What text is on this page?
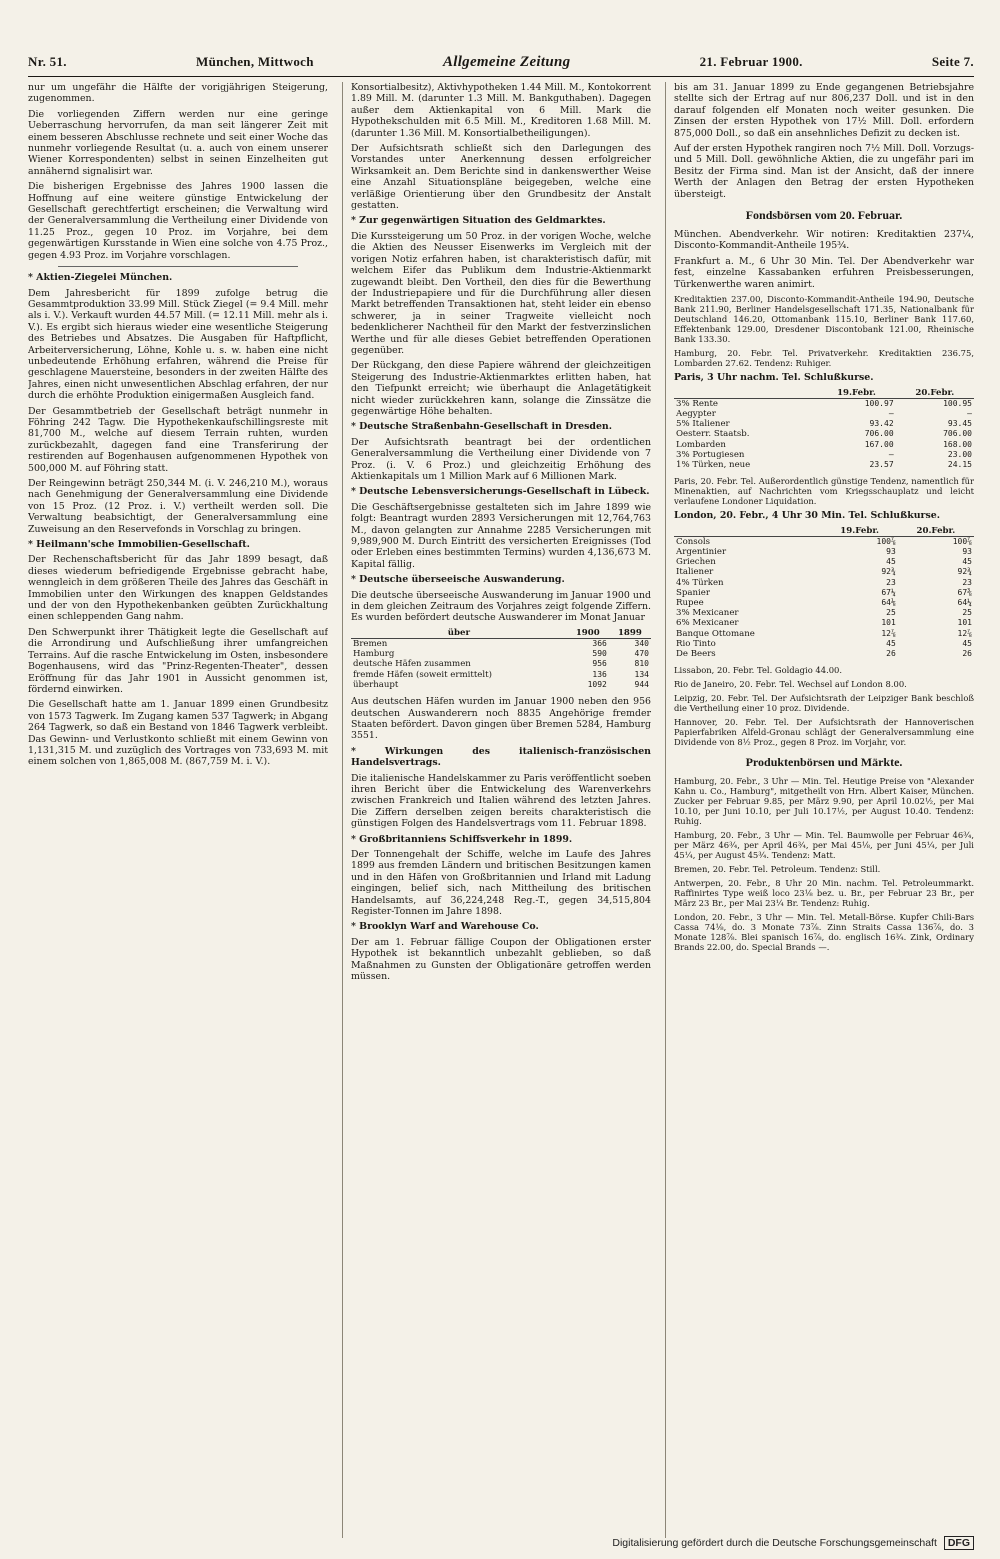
Nr. 51.	München, Mittwoch	Allgemeine Zeitung	21. Februar 1900.	Seite 7.

nur um ungefähr die Hälfte der vorigjährigen Steigerung, zugenommen.

Die vorliegenden Ziffern werden nur eine geringe Ueberraschung hervorrufen, da man seit längerer Zeit mit einem besseren Abschlusse rechnete und seit einer Woche das nunmehr vorliegende Resultat (u. a. auch von einem unserer Wiener Korrespondenten) selbst in seinen Einzelheiten gut annähernd signalisirt war.

Die bisherigen Ergebnisse des Jahres 1900 lassen die Hoffnung auf eine weitere günstige Entwickelung der Gesellschaft gerechtfertigt erscheinen; die Verwaltung wird der Generalversammlung die Vertheilung einer Dividende von 11.25 Proz., gegen 10 Proz. im Vorjahre, bei dem gegenwärtigen Kursstande in Wien eine solche von 4.75 Proz., gegen 4.93 Proz. im Vorjahre vorschlagen.

* Aktien-Ziegelei München.

Dem Jahresbericht für 1899 zufolge betrug die Gesammtproduktion 33.99 Mill. Stück Ziegel (= 9.4 Mill. mehr als i. V.). Verkauft wurden 44.57 Mill. (= 12.11 Mill. mehr als i. V.). Es ergibt sich hieraus wieder eine wesentliche Steigerung des Betriebes und Absatzes. Die Ausgaben für Haftpflicht, Arbeiterversicherung, Löhne, Kohle u. s. w. haben eine nicht unbedeutende Erhöhung erfahren, während die Preise für geschlagene Mauersteine, besonders in der zweiten Hälfte des Jahres, einen nicht unwesentlichen Abschlag erfahren, der nur durch die erhöhte Produktion einigermaßen Ausgleich fand.

Der Gesammtbetrieb der Gesellschaft beträgt nunmehr in Föhring 242 Tagw. Die Hypothekenkaufschillingsreste mit 81,700 M., welche auf diesem Terrain ruhten, wurden zurückbezahlt, dagegen fand eine Transferirung der restirenden auf Bogenhausen aufgenommenen Hypothek von 500,000 M. auf Föhring statt.

Der Reingewinn beträgt 250,344 M. (i. V. 246,210 M.), woraus nach Genehmigung der Generalversammlung eine Dividende von 15 Proz. (12 Proz. i. V.) vertheilt werden soll. Die Verwaltung beabsichtigt, der Generalversammlung eine Zuweisung an den Reservefonds in Vorschlag zu bringen.

* Heilmann'sche Immobilien-Gesellschaft.

Der Rechenschaftsbericht für das Jahr 1899 besagt, daß dieses wiederum befriedigende Ergebnisse gebracht habe, wenngleich in dem größeren Theile des Jahres das Geschäft in Immobilien unter den Wirkungen des knappen Geldstandes und der von den Hypothekenbanken geübten Zurückhaltung einen schleppenden Gang nahm.

Den Schwerpunkt ihrer Thätigkeit legte die Gesellschaft auf die Arrondirung und Aufschließung ihrer umfangreichen Terrains. Auf die rasche Entwickelung im Osten, insbesondere Bogenhausens, wird das "Prinz-Regenten-Theater", dessen Eröffnung für das Jahr 1901 in Aussicht genommen ist, fördernd einwirken.

Die Gesellschaft hatte am 1. Januar 1899 einen Grundbesitz von 1573 Tagwerk. Im Zugang kamen 537 Tagwerk; in Abgang 264 Tagwerk, so daß ein Bestand von 1846 Tagwerk verbleibt. Das Gewinn- und Verlustkonto schließt mit einem Gewinn von 1,131,315 M. und zuzüglich des Vortrages von 733,693 M. mit einem solchen von 1,865,008 M. (867,759 M. i. V.).

Konsortialbesitz), Aktivhypotheken 1.44 Mill. M., Kontokorrent 1.89 Mill. M. (darunter 1.3 Mill. M. Bankguthaben). Dagegen außer dem Aktienkapital von 6 Mill. Mark die Hypothekschulden mit 6.5 Mill. M., Kreditoren 1.68 Mill. M. (darunter 1.36 Mill. M. Konsortialbetheiligungen).

Der Aufsichtsrath schließt sich den Darlegungen des Vorstandes unter Anerkennung dessen erfolgreicher Wirksamkeit an. Dem Berichte sind in dankenswerther Weise eine Anzahl Situationspläne beigegeben, welche eine verläßige Orientierung über den Grundbesitz der Anstalt gestatten.

* Zur gegenwärtigen Situation des Geldmarktes.

Die Kurssteigerung um 50 Proz. in der vorigen Woche, welche die Aktien des Neusser Eisenwerks im Vergleich mit der vorigen Notiz erfahren haben, ist charakteristisch dafür, mit welchem Eifer das Publikum dem Industrie-Aktienmarkt zugewandt bleibt. Den Vortheil, den dies für die Bewerthung der Industriepapiere und für die Durchführung aller diesen Markt betreffenden Transaktionen hat, steht leider ein ebenso schwerer, ja in seiner Tragweite vielleicht noch bedenklicherer Nachtheil für den Markt der festverzinslichen Werthe und für alle dieses Gebiet betreffenden Operationen gegenüber.

Der Rückgang, den diese Papiere während der gleichzeitigen Steigerung des Industrie-Aktienmarktes erlitten haben, hat den Tiefpunkt erreicht; wie überhaupt die Anlagetätigkeit nicht wieder zurückkehren kann, solange die Zinssätze die gegenwärtige Höhe behalten.

* Deutsche Straßenbahn-Gesellschaft in Dresden.

Der Aufsichtsrath beantragt bei der ordentlichen Generalversammlung die Vertheilung einer Dividende von 7 Proz. (i. V. 6 Proz.) und gleichzeitig Erhöhung des Aktienkapitals um 1 Million Mark auf 6 Millionen Mark.

* Deutsche Lebensversicherungs-Gesellschaft in Lübeck.

Die Geschäftsergebnisse gestalteten sich im Jahre 1899 wie folgt: Beantragt wurden 2893 Versicherungen mit 12,764,763 M., davon gelangten zur Annahme 2285 Versicherungen mit 9,989,900 M. Durch Eintritt des versicherten Ereignisses (Tod oder Erleben eines bestimmten Termins) wurden 4,136,673 M. Kapital fällig.

* Deutsche überseeische Auswanderung.

Die deutsche überseeische Auswanderung im Januar 1900 und in dem gleichen Zeitraum des Vorjahres zeigt folgende Ziffern. Es wurden befördert deutsche Auswanderer im Monat Januar

über	1900	1899
Bremen	366	340
Hamburg	590	470
deutsche Häfen zusammen	956	810
fremde Häfen (soweit ermittelt)	136	134
überhaupt	1092	944

Aus deutschen Häfen wurden im Januar 1900 neben den 956 deutschen Auswanderern noch 8835 Angehörige fremder Staaten befördert. Davon gingen über Bremen 5284, Hamburg 3551.

* Wirkungen des italienisch-französischen Handelsvertrags.

Die italienische Handelskammer zu Paris veröffentlicht soeben ihren Bericht über die Entwickelung des Warenverkehrs zwischen Frankreich und Italien während des letzten Jahres. Die Ziffern derselben zeigen bereits charakteristisch die günstigen Folgen des Handelsvertrags vom 11. Februar 1898.

* Großbritanniens Schiffsverkehr in 1899.

Der Tonnengehalt der Schiffe, welche im Laufe des Jahres 1899 aus fremden Ländern und britischen Besitzungen kamen und in den Häfen von Großbritannien und Irland mit Ladung eingingen, belief sich, nach Mittheilung des britischen Handelsamts, auf 36,224,248 Reg.-T., gegen 34,515,804 Register-Tonnen im Jahre 1898.

* Brooklyn Warf and Warehouse Co.

Der am 1. Februar fällige Coupon der Obligationen erster Hypothek ist bekanntlich unbezahlt geblieben, so daß Maßnahmen zu Gunsten der Obligationäre getroffen werden müssen.

bis am 31. Januar 1899 zu Ende gegangenen Betriebsjahre stellte sich der Ertrag auf nur 806,237 Doll. und ist in den darauf folgenden elf Monaten noch weiter gesunken. Die Zinsen der ersten Hypothek von 17½ Mill. Doll. erfordern 875,000 Doll., so daß ein ansehnliches Defizit zu decken ist.

Auf der ersten Hypothek rangiren noch 7½ Mill. Doll. Vorzugs- und 5 Mill. Doll. gewöhnliche Aktien, die zu ungefähr pari im Besitz der Firma sind. Man ist der Ansicht, daß der innere Werth der Anlagen den Betrag der ersten Hypotheken übersteigt.

Fondsbörsen vom 20. Februar.

München. Abendverkehr. Wir notiren: Kreditaktien 237¼, Disconto-Kommandit-Antheile 195¾.

Frankfurt a. M., 6 Uhr 30 Min. Tel. Der Abendverkehr war fest, einzelne Kassabanken erfuhren Preisbesserungen, Türkenwerthe waren animirt.

Kreditaktien 237.00, Disconto-Kommandit-Antheile 194.90, Deutsche Bank 211.90, Berliner Handelsgesellschaft 171.35, Nationalbank für Deutschland 146.20, Ottomanbank 115.10, Berliner Bank 117.60, Effektenbank 129.00, Dresdener Discontobank 121.00, Rheinische Bank 133.30.

Hamburg, 20. Febr. Tel. Privatverkehr. Kreditaktien 236.75, Lombarden 27.62. Tendenz: Ruhiger.

Paris, 3 Uhr nachm. Tel. Schlußkurse.

	19.Febr.	20.Febr.
3% Rente	100.97	100.95
Aegypter	—	—
5% Italiener	93.42	93.45
Oesterr. Staatsb.	706.00	706.00
Lombarden	167.00	168.00
3% Portugiesen	—	23.00
1% Türken, neue	23.57	24.15

Paris, 20. Febr. Tel. Außerordentlich günstige Tendenz, namentlich für Minenaktien, auf Nachrichten vom Kriegsschauplatz und leicht verlaufene Londoner Liquidation.

London, 20. Febr., 4 Uhr 30 Min. Tel. Schlußkurse.

	19.Febr.	20.Febr.
Consols	100⅞	100⅞
Argentinier	93	93
Griechen	45	45
Italiener	92¾	92¾
4% Türken	23	23
Spanier	67¼	67⅜
Rupee	64⅛	64¼
3% Mexicaner	25	25
6% Mexicaner	101	101
Banque Ottomane	12⅞	12⅞
Rio Tinto	45	45
De Beers	26	26

Lissabon, 20. Febr. Tel. Goldagio 44.00.

Rio de Janeiro, 20. Febr. Tel. Wechsel auf London 8.00.

Leipzig, 20. Febr. Tel. Der Aufsichtsrath der Leipziger Bank beschloß die Vertheilung einer 10 proz. Dividende.

Hannover, 20. Febr. Tel. Der Aufsichtsrath der Hannoverischen Papierfabriken Alfeld-Gronau schlägt der Generalversammlung eine Dividende von 8½ Proz., gegen 8 Proz. im Vorjahr, vor.

Produktenbörsen und Märkte.

Hamburg, 20. Febr., 3 Uhr — Min. Tel. Heutige Preise von "Alexander Kahn u. Co., Hamburg", mitgetheilt von Hrn. Albert Kaiser, München. Zucker per Februar 9.85, per März 9.90, per April 10.02½, per Mai 10.10, per Juni 10.10, per Juli 10.17½, per August 10.40. Tendenz: Ruhig.

Hamburg, 20. Febr., 3 Uhr — Min. Tel. Baumwolle per Februar 46¾, per März 46¾, per April 46¾, per Mai 45⅛, per Juni 45¼, per Juli 45¼, per August 45¾. Tendenz: Matt.

Bremen, 20. Febr. Tel. Petroleum. Tendenz: Still.

Antwerpen, 20. Febr., 8 Uhr 20 Min. nachm. Tel. Petroleummarkt. Raffinirtes Type weiß loco 23⅛ bez. u. Br., per Februar 23 Br., per März 23 Br., per Mai 23¼ Br. Tendenz: Ruhig.

London, 20. Febr., 3 Uhr — Min. Tel. Metall-Börse. Kupfer Chili-Bars Cassa 74⅛, do. 3 Monate 73⅞. Zinn Straits Cassa 136⅞, do. 3 Monate 128⅞. Blei spanisch 16⅞, do. englisch 16¾. Zink, Ordinary Brands 22.00, do. Special Brands —.

Digitalisierung gefördert durch die Deutsche Forschungsgemeinschaft DFG
